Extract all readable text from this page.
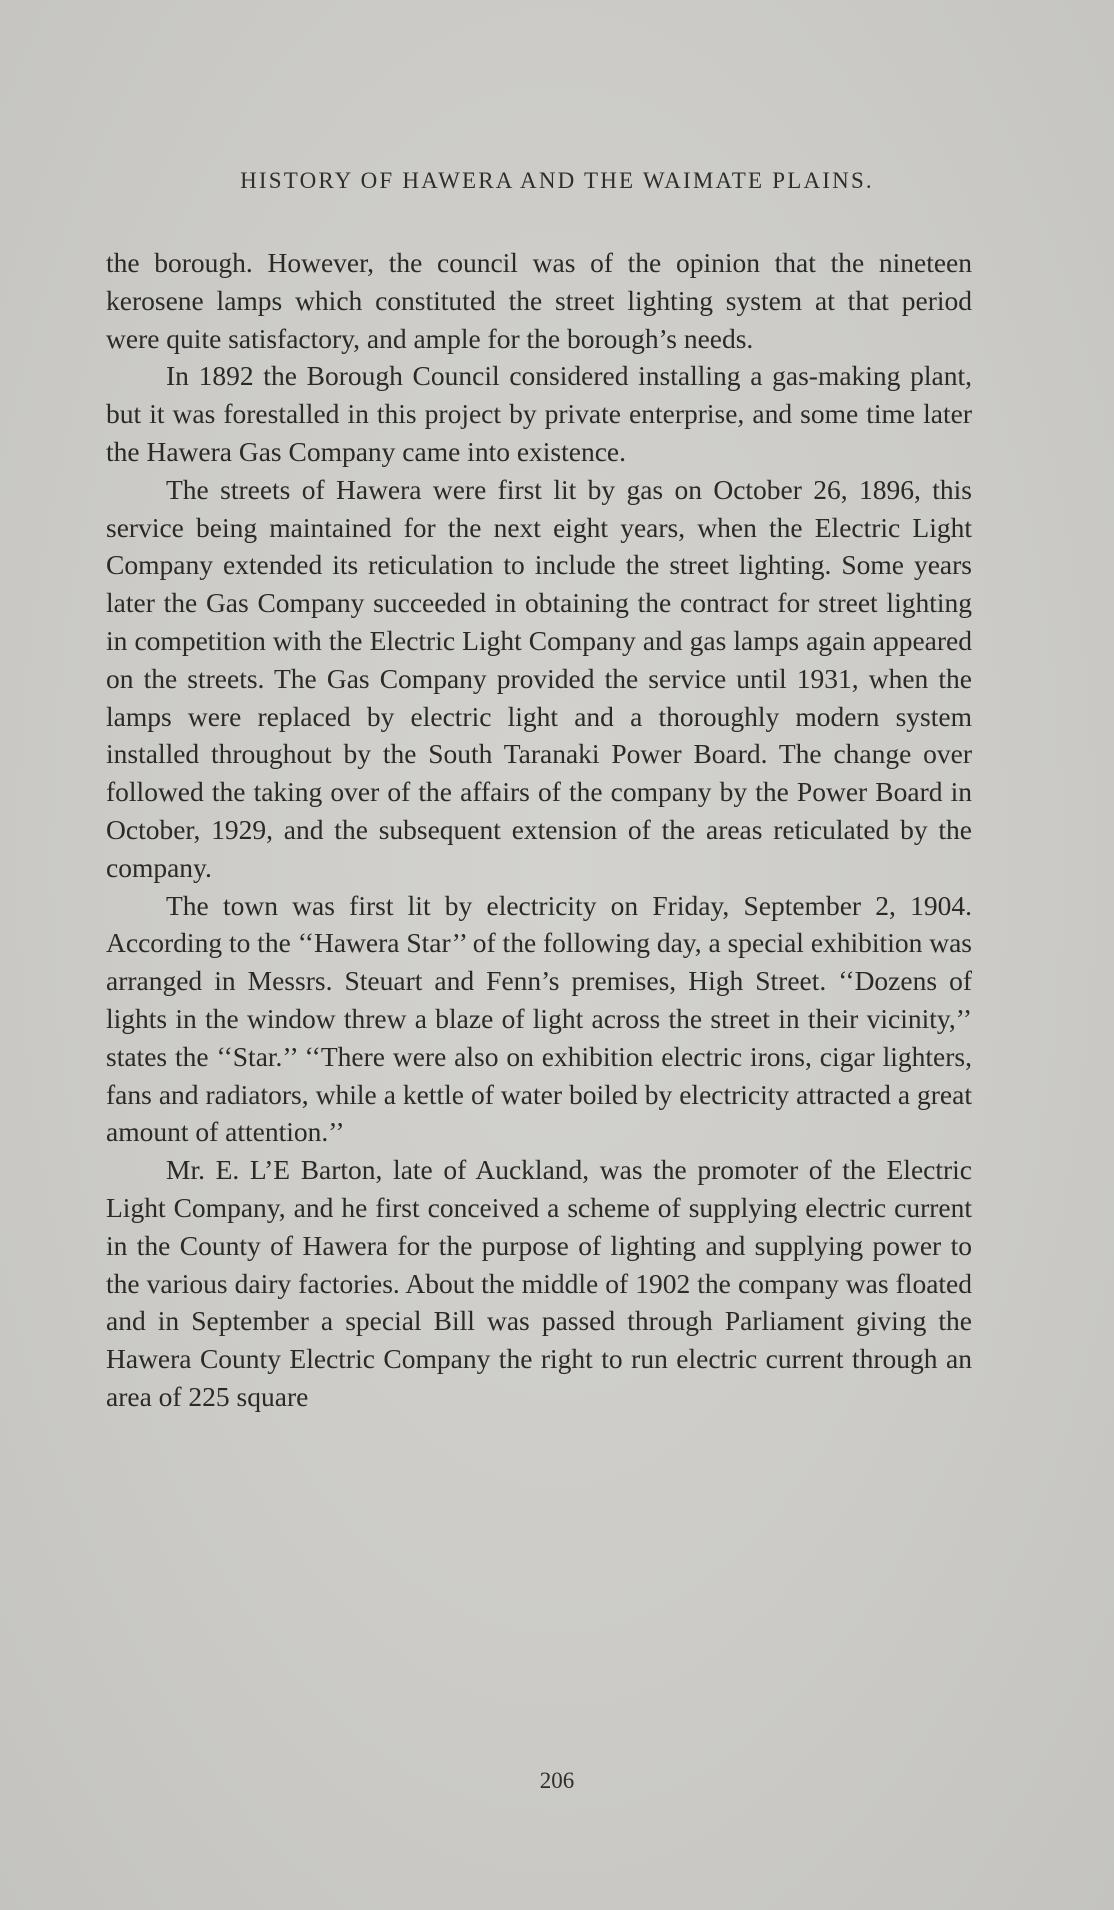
HISTORY OF HAWERA AND THE WAIMATE PLAINS.

the borough. However, the council was of the opinion that the nineteen kerosene lamps which constituted the street lighting system at that period were quite satisfactory, and ample for the borough’s needs.

In 1892 the Borough Council considered installing a gas-making plant, but it was forestalled in this project by private enterprise, and some time later the Hawera Gas Company came into existence.

The streets of Hawera were first lit by gas on October 26, 1896, this service being maintained for the next eight years, when the Electric Light Company extended its reticulation to include the street lighting. Some years later the Gas Company succeeded in obtaining the contract for street lighting in competition with the Electric Light Company and gas lamps again appeared on the streets. The Gas Company provided the service until 1931, when the lamps were replaced by electric light and a thoroughly modern system installed throughout by the South Taranaki Power Board. The change over followed the taking over of the affairs of the company by the Power Board in October, 1929, and the subsequent extension of the areas reticulated by the company.

The town was first lit by electricity on Friday, September 2, 1904. According to the ‘‘Hawera Star’’ of the following day, a special exhibition was arranged in Messrs. Steuart and Fenn’s premises, High Street. ‘‘Dozens of lights in the window threw a blaze of light across the street in their vicinity,’’ states the ‘‘Star.’’ ‘‘There were also on exhibition electric irons, cigar lighters, fans and radiators, while a kettle of water boiled by electricity attracted a great amount of attention.’’

Mr. E. L’E Barton, late of Auckland, was the promoter of the Electric Light Company, and he first conceived a scheme of supplying electric current in the County of Hawera for the purpose of lighting and supplying power to the various dairy factories. About the middle of 1902 the company was floated and in September a special Bill was passed through Parliament giving the Hawera County Electric Company the right to run electric current through an area of 225 square

206
